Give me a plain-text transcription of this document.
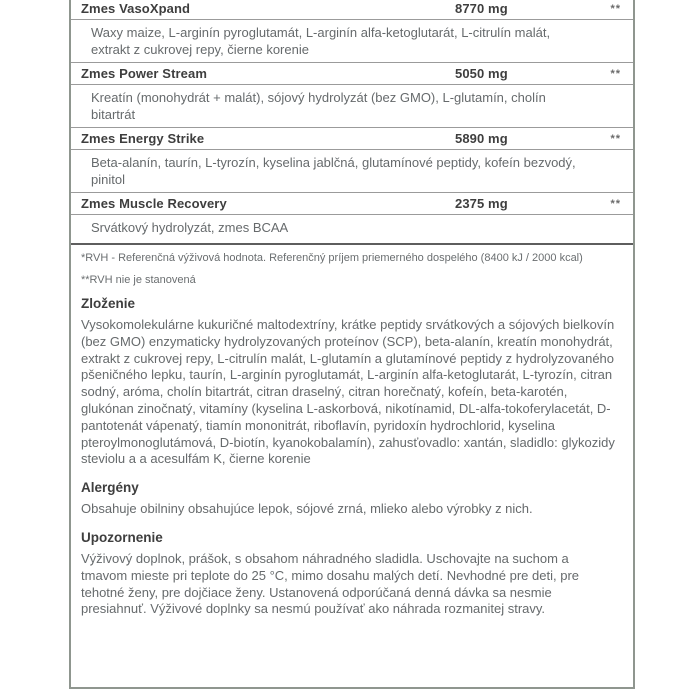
Zmes VasoXpand	8770 mg	**
Waxy maize, L-arginín pyroglutamát, L-arginín alfa-ketoglutarát, L-citrulín malát, extrakt z cukrovej repy, čierne korenie
Zmes Power Stream	5050 mg	**
Kreatín (monohydrát + malát), sójový hydrolyzát (bez GMO), L-glutamín, cholín bitartrát
Zmes Energy Strike	5890 mg	**
Beta-alanín, taurín, L-tyrozín, kyselina jablčná, glutamínové peptidy, kofeín bezvodý, pinitol
Zmes Muscle Recovery	2375 mg	**
Srvátkový hydrolyzát, zmes BCAA

*RVH - Referenčná výživová hodnota. Referenčný príjem priemerného dospelého (8400 kJ / 2000 kcal)

**RVH nie je stanovená

Zloženie
Vysokomolekulárne kukuričné maltodextríny, krátke peptidy srvátkových a sójových bielkovín (bez GMO) enzymaticky hydrolyzovaných proteínov (SCP), beta-alanín, kreatín monohydrát, extrakt z cukrovej repy, L-citrulín malát, L-glutamín a glutamínové peptidy z hydrolyzovaného pšeničného lepku, taurín, L-arginín pyroglutamát, L-arginín alfa-ketoglutarát, L-tyrozín, citran sodný, aróma, cholín bitartrát, citran draselný, citran horečnatý, kofeín, beta-karotén, glukónan zinočnatý, vitamíny (kyselina L-askorbová, nikotínamid, DL-alfa-tokoferylacetát, D-pantotenát vápenatý, tiamín mononitrát, riboflavín, pyridoxín hydrochlorid, kyselina pteroylmonoglutámová, D-biotín, kyanokobalamín), zahusťovadlo: xantán, sladidlo: glykozidy steviolu a a acesulfám K, čierne korenie
Alergény
Obsahuje obilniny obsahujúce lepok, sójové zrná, mlieko alebo výrobky z nich.
Upozornenie
Výživový doplnok, prášok, s obsahom náhradného sladidla. Uschovajte na suchom a tmavom mieste pri teplote do 25 °C, mimo dosahu malých detí. Nevhodné pre deti, pre tehotné ženy, pre dojčiace ženy. Ustanovená odporúčaná denná dávka sa nesmie presiahnuť. Výživové doplnky sa nesmú používať ako náhrada rozmanitej stravy.
